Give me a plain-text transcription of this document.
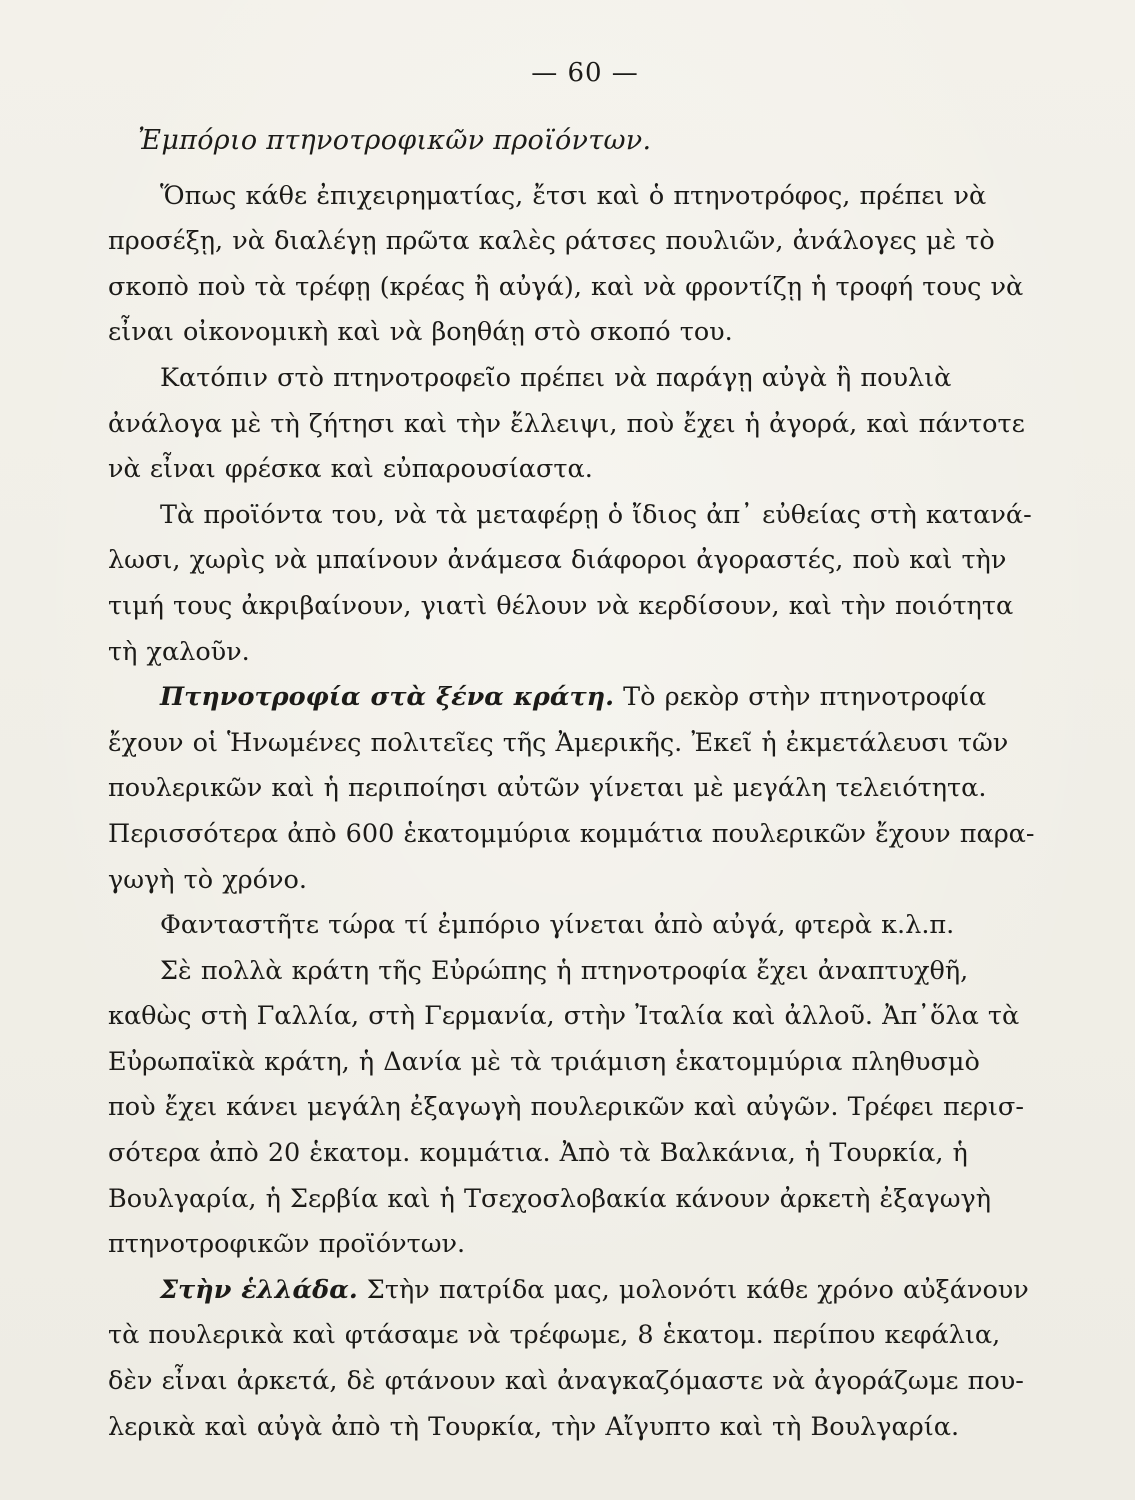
— 60 —
Ἐμπόριο πτηνοτροφικῶν προϊόντων.

Ὅπως κάθε ἐπιχειρηματίας, ἔτσι καὶ ὁ πτηνοτρόφος, πρέπει νὰ
προσέξῃ, νὰ διαλέγῃ πρῶτα καλὲς ράτσες πουλιῶν, ἀνάλογες μὲ τὸ
σκοπὸ ποὺ τὰ τρέφῃ (κρέας ἢ αὐγά), καὶ νὰ φροντίζῃ ἡ τροφή τους νὰ
εἶναι οἰκονομικὴ καὶ νὰ βοηθάῃ στὸ σκοπό του.

Κατόπιν στὸ πτηνοτροφεῖο πρέπει νὰ παράγῃ αὐγὰ ἢ πουλιὰ
ἀνάλογα μὲ τὴ ζήτησι καὶ τὴν ἔλλειψι, ποὺ ἔχει ἡ ἀγορά, καὶ πάντοτε
νὰ εἶναι φρέσκα καὶ εὐπαρουσίαστα.

Τὰ προϊόντα του, νὰ τὰ μεταφέρῃ ὁ ἴδιος ἀπ᾿ εὐθείας στὴ κατανά-
λωσι, χωρὶς νὰ μπαίνουν ἀνάμεσα διάφοροι ἀγοραστές, ποὺ καὶ τὴν
τιμή τους ἀκριβαίνουν, γιατὶ θέλουν νὰ κερδίσουν, καὶ τὴν ποιότητα
τὴ χαλοῦν.

Πτηνοτροφία στὰ ξένα κράτη. Τὸ ρεκὸρ στὴν πτηνοτροφία
ἔχουν οἱ Ἡνωμένες πολιτεῖες τῆς Ἀμερικῆς. Ἐκεῖ ἡ ἐκμετάλευσι τῶν
πουλερικῶν καὶ ἡ περιποίησι αὐτῶν γίνεται μὲ μεγάλη τελειότητα.
Περισσότερα ἀπὸ 600 ἑκατομμύρια κομμάτια πουλερικῶν ἔχουν παρα-
γωγὴ τὸ χρόνο.

Φανταστῆτε τώρα τί ἐμπόριο γίνεται ἀπὸ αὐγά, φτερὰ κ.λ.π.

Σὲ πολλὰ κράτη τῆς Εὐρώπης ἡ πτηνοτροφία ἔχει ἀναπτυχθῆ,
καθὼς στὴ Γαλλία, στὴ Γερμανία, στὴν Ἰταλία καὶ ἀλλοῦ. Ἀπ᾿ὅλα τὰ
Εὐρωπαϊκὰ κράτη, ἡ Δανία μὲ τὰ τριάμιση ἑκατομμύρια πληθυσμὸ
ποὺ ἔχει κάνει μεγάλη ἐξαγωγὴ πουλερικῶν καὶ αὐγῶν. Τρέφει περισ-
σότερα ἀπὸ 20 ἑκατομ. κομμάτια. Ἀπὸ τὰ Βαλκάνια, ἡ Τουρκία, ἡ
Βουλγαρία, ἡ Σερβία καὶ ἡ Τσεχοσλοβακία κάνουν ἀρκετὴ ἐξαγωγὴ
πτηνοτροφικῶν προϊόντων.

Στὴν ἑλλάδα. Στὴν πατρίδα μας, μολονότι κάθε χρόνο αὐξάνουν
τὰ πουλερικὰ καὶ φτάσαμε νὰ τρέφωμε, 8 ἑκατομ. περίπου κεφάλια,
δὲν εἶναι ἀρκετά, δὲ φτάνουν καὶ ἀναγκαζόμαστε νὰ ἀγοράζωμε που-
λερικὰ καὶ αὐγὰ ἀπὸ τὴ Τουρκία, τὴν Αἴγυπτο καὶ τὴ Βουλγαρία.
